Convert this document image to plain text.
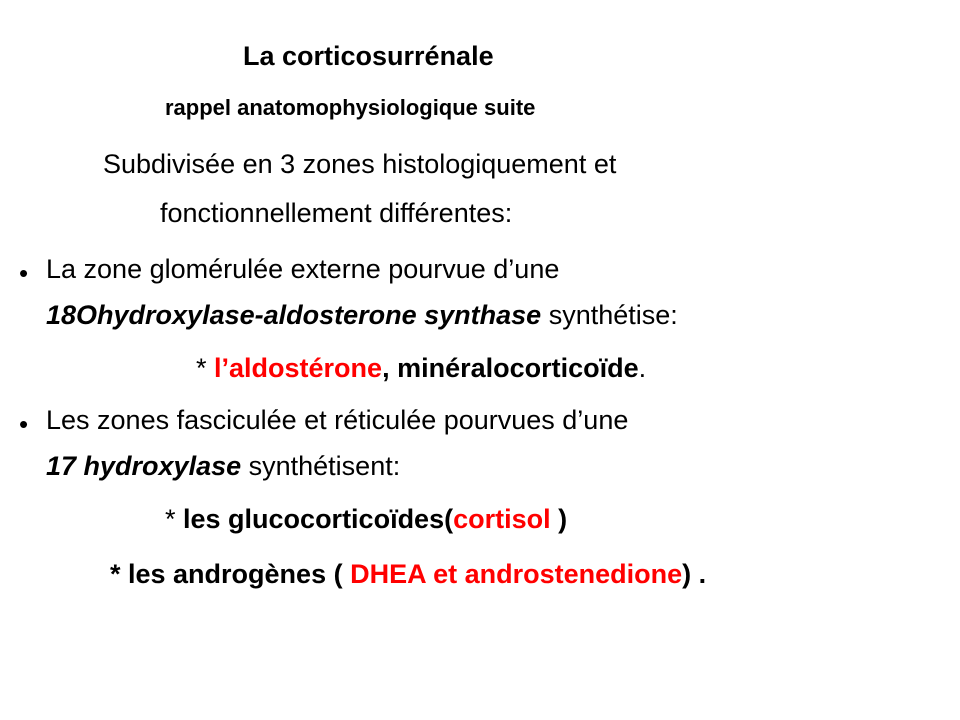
La corticosurrénale
rappel anatomophysiologique suite
Subdivisée en 3 zones histologiquement et
fonctionnellement différentes:
• La zone glomérulée externe pourvue d’une
18Ohydroxylase-aldosterone synthase synthétise:
* l’aldostérone, minéralocorticoïde.
• Les zones fasciculée et réticulée pourvues d’une
17 hydroxylase synthétisent:
* les glucocorticoïdes(cortisol )
* les androgènes ( DHEA et androstenedione) .
